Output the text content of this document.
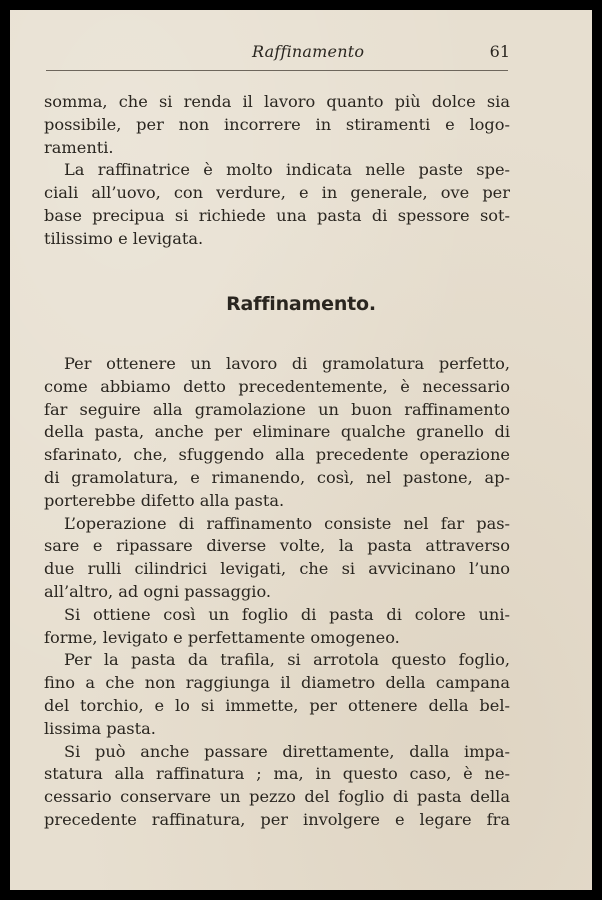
Raffinamento	61
somma, che si renda il lavoro quanto più dolce sia
possibile, per non incorrere in stiramenti e logo-
ramenti.
La raffinatrice è molto indicata nelle paste spe-
ciali all’uovo, con verdure, e in generale, ove per
base precipua si richiede una pasta di spessore sot-
tilissimo e levigata.
Raffinamento.
Per ottenere un lavoro di gramolatura perfetto,
come abbiamo detto precedentemente, è necessario
far seguire alla gramolazione un buon raffinamento
della pasta, anche per eliminare qualche granello di
sfarinato, che, sfuggendo alla precedente operazione
di gramolatura, e rimanendo, così, nel pastone, ap-
porterebbe difetto alla pasta.
L’operazione di raffinamento consiste nel far pas-
sare e ripassare diverse volte, la pasta attraverso
due rulli cilindrici levigati, che si avvicinano l’uno
all’altro, ad ogni passaggio.
Si ottiene così un foglio di pasta di colore uni-
forme, levigato e perfettamente omogeneo.
Per la pasta da trafila, si arrotola questo foglio,
fino a che non raggiunga il diametro della campana
del torchio, e lo si immette, per ottenere della bel-
lissima pasta.
Si può anche passare direttamente, dalla impa-
statura alla raffinatura ; ma, in questo caso, è ne-
cessario conservare un pezzo del foglio di pasta della
precedente raffinatura, per involgere e legare fra
